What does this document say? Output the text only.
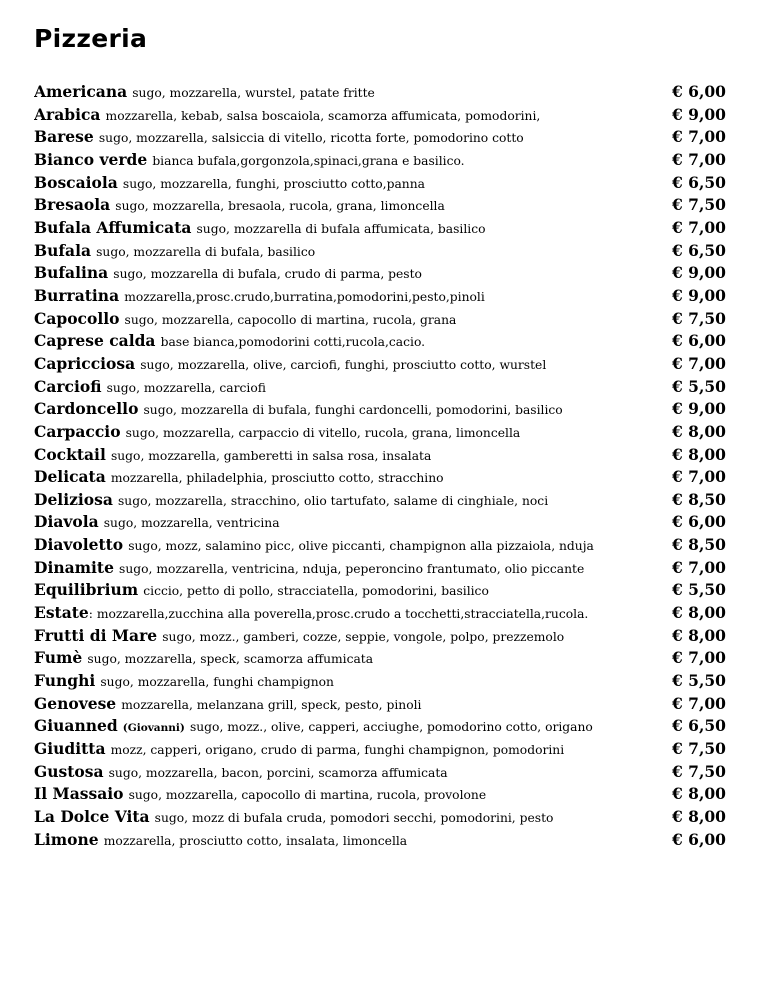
Pizzeria
Americana sugo, mozzarella, wurstel, patate fritte	€ 6,00
Arabica mozzarella, kebab, salsa boscaiola, scamorza affumicata, pomodorini,	€ 9,00
Barese sugo, mozzarella, salsiccia di vitello, ricotta forte, pomodorino cotto	€ 7,00
Bianco verde bianca bufala,gorgonzola,spinaci,grana e basilico.	€ 7,00
Boscaiola sugo, mozzarella, funghi, prosciutto cotto,panna	€ 6,50
Bresaola sugo, mozzarella, bresaola, rucola, grana, limoncella	€ 7,50
Bufala Affumicata sugo, mozzarella di bufala affumicata, basilico	€ 7,00
Bufala sugo, mozzarella di bufala, basilico	€ 6,50
Bufalina sugo, mozzarella di bufala, crudo di parma, pesto	€ 9,00
Burratina mozzarella,prosc.crudo,burratina,pomodorini,pesto,pinoli	€ 9,00
Capocollo sugo, mozzarella, capocollo di martina, rucola, grana	€ 7,50
Caprese calda base bianca,pomodorini cotti,rucola,cacio.	€ 6,00
Capricciosa sugo, mozzarella, olive, carciofi, funghi, prosciutto cotto, wurstel	€ 7,00
Carciofi sugo, mozzarella, carciofi	€ 5,50
Cardoncello sugo, mozzarella di bufala, funghi cardoncelli, pomodorini, basilico	€ 9,00
Carpaccio sugo, mozzarella, carpaccio di vitello, rucola, grana, limoncella	€ 8,00
Cocktail sugo, mozzarella, gamberetti in salsa rosa, insalata	€ 8,00
Delicata mozzarella, philadelphia, prosciutto cotto, stracchino	€ 7,00
Deliziosa sugo, mozzarella, stracchino, olio tartufato, salame di cinghiale, noci	€ 8,50
Diavola sugo, mozzarella, ventricina	€ 6,00
Diavoletto sugo, mozz, salamino picc, olive piccanti, champignon alla pizzaiola, nduja	€ 8,50
Dinamite sugo, mozzarella, ventricina, nduja, peperoncino frantumato, olio piccante	€ 7,00
Equilibrium ciccio, petto di pollo, stracciatella, pomodorini, basilico	€ 5,50
Estate: mozzarella,zucchina alla poverella,prosc.crudo a tocchetti,stracciatella,rucola.	€ 8,00
Frutti di Mare sugo, mozz., gamberi, cozze, seppie, vongole, polpo, prezzemolo	€ 8,00
Fumè sugo, mozzarella, speck, scamorza affumicata	€ 7,00
Funghi sugo, mozzarella, funghi champignon	€ 5,50
Genovese mozzarella, melanzana grill, speck, pesto, pinoli	€ 7,00
Giuanned (Giovanni) sugo, mozz., olive, capperi, acciughe, pomodorino cotto, origano	€ 6,50
Giuditta mozz, capperi, origano, crudo di parma, funghi champignon, pomodorini	€ 7,50
Gustosa sugo, mozzarella, bacon, porcini, scamorza affumicata	€ 7,50
Il Massaio sugo, mozzarella, capocollo di martina, rucola, provolone	€ 8,00
La Dolce Vita sugo, mozz di bufala cruda, pomodori secchi, pomodorini, pesto	€ 8,00
Limone mozzarella, prosciutto cotto, insalata, limoncella	€ 6,00
